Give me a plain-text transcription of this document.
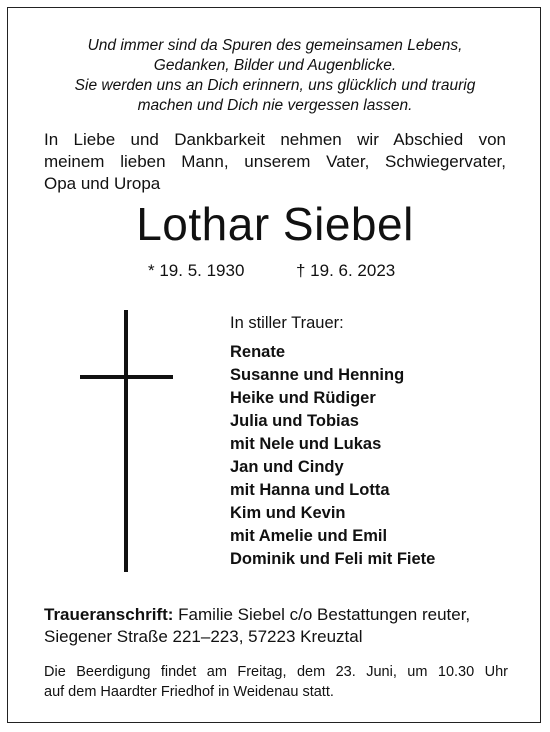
Und immer sind da Spuren des gemeinsamen Lebens,
Gedanken, Bilder und Augenblicke.
Sie werden uns an Dich erinnern, uns glücklich und traurig
machen und Dich nie vergessen lassen.
In Liebe und Dankbarkeit nehmen wir Abschied von
meinem lieben Mann, unserem Vater, Schwiegervater,
Opa und Uropa
Lothar Siebel
* 19. 5. 1930	† 19. 6. 2023
In stiller Trauer:
Renate
Susanne und Henning
Heike und Rüdiger
Julia und Tobias
mit Nele und Lukas
Jan und Cindy
mit Hanna und Lotta
Kim und Kevin
mit Amelie und Emil
Dominik und Feli mit Fiete
Traueranschrift: Familie Siebel c/o Bestattungen reuter,
Siegener Straße 221–223, 57223 Kreuztal
Die Beerdigung findet am Freitag, dem 23. Juni, um 10.30 Uhr
auf dem Haardter Friedhof in Weidenau statt.
